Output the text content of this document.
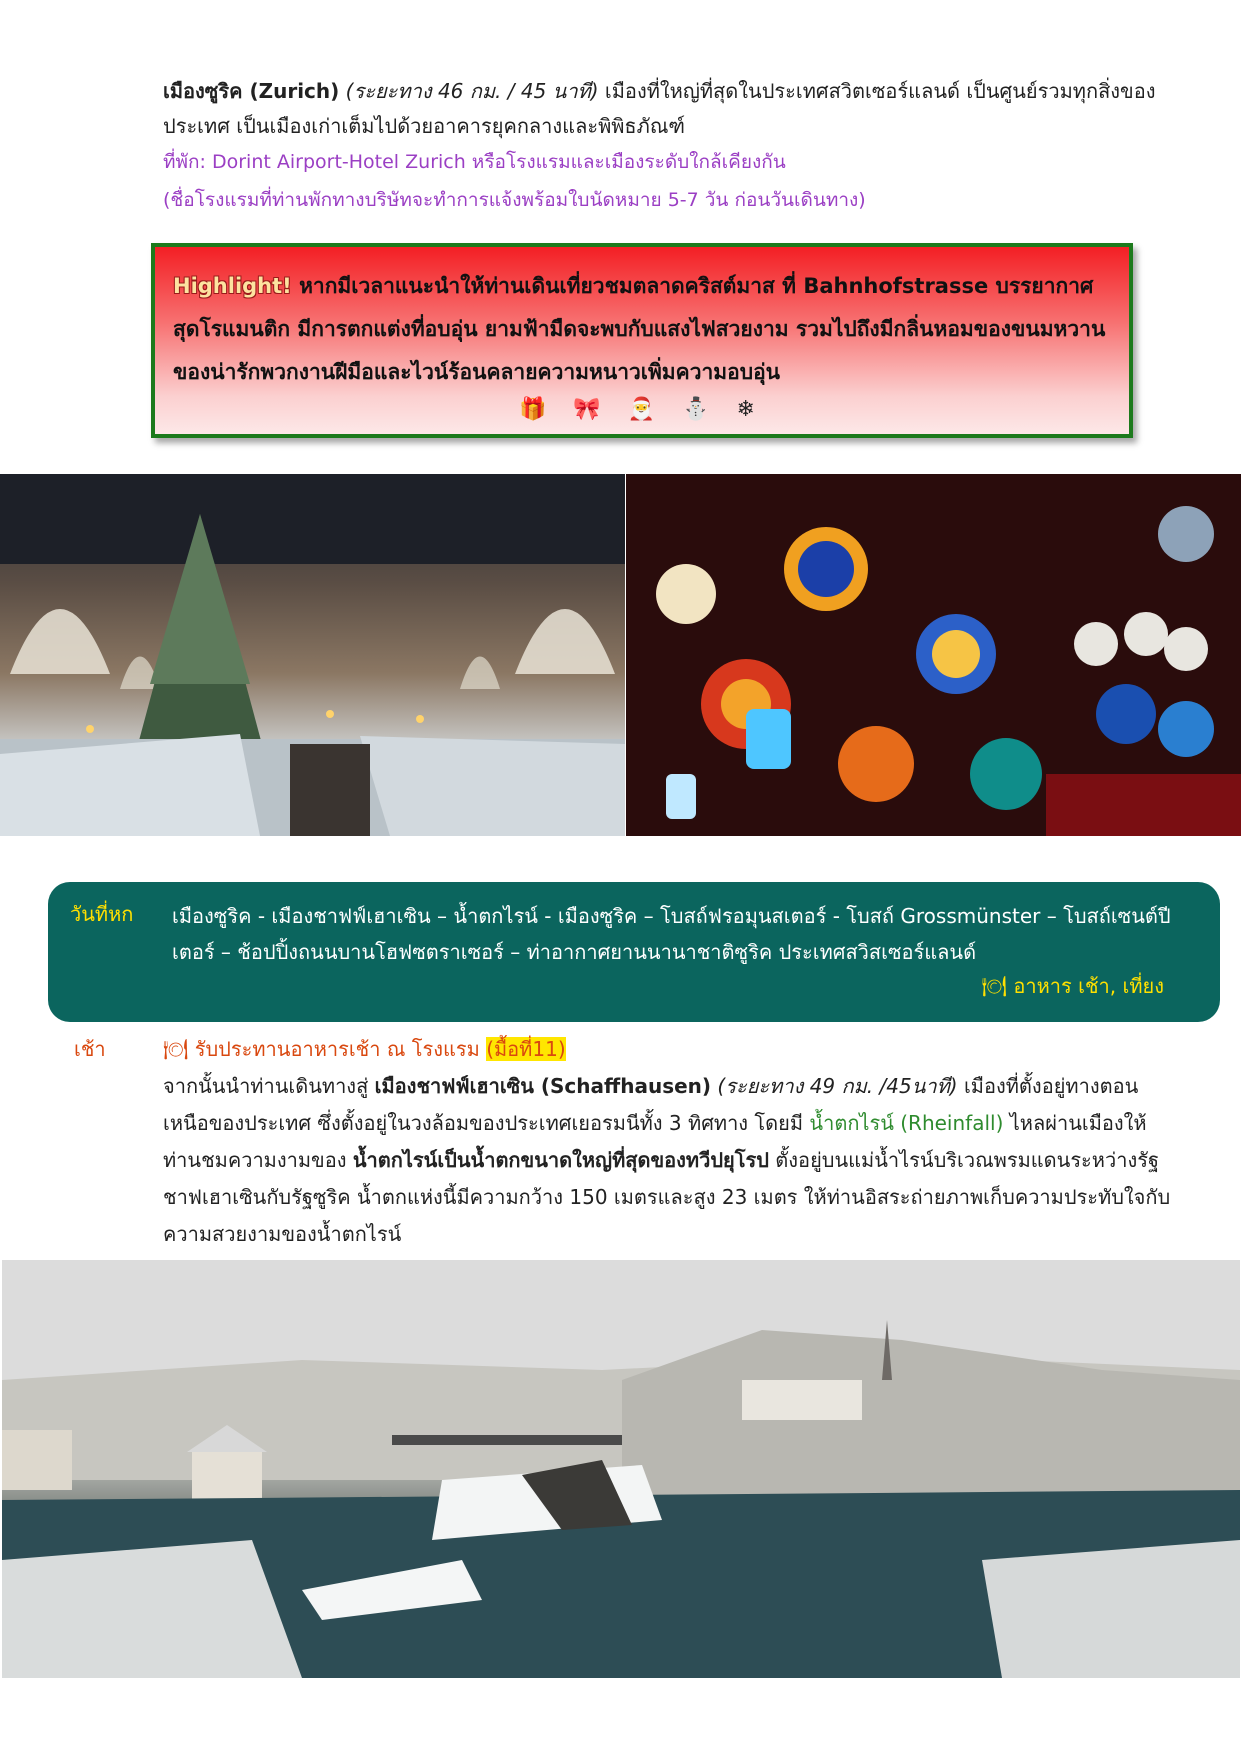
เมืองซูริค (Zurich) (ระยะทาง 46 กม. / 45 นาที) เมืองที่ใหญ่ที่สุดในประเทศสวิตเซอร์แลนด์ เป็นศูนย์รวมทุกสิ่งของประเทศ เป็นเมืองเก่าเต็มไปด้วยอาคารยุคกลางและพิพิธภัณฑ์
ที่พัก: Dorint Airport-Hotel Zurich หรือโรงแรมและเมืองระดับใกล้เคียงกัน
(ชื่อโรงแรมที่ท่านพักทางบริษัทจะทำการแจ้งพร้อมใบนัดหมาย 5-7 วัน ก่อนวันเดินทาง)
Highlight! หากมีเวลาแนะนำให้ท่านเดินเที่ยวชมตลาดคริสต์มาส ที่ Bahnhofstrasse บรรยากาศสุดโรแมนติก มีการตกแต่งที่อบอุ่น ยามฟ้ามืดจะพบกับแสงไฟสวยงาม รวมไปถึงมีกลิ่นหอมของขนมหวาน ของน่ารักพวกงานฝีมือและไวน์ร้อนคลายความหนาวเพิ่มความอบอุ่น
🎁 🎀 🎅 ⛄ ❄
วันที่หก เมืองซูริค - เมืองชาฟฟ์เฮาเซิน – น้ำตกไรน์ - เมืองซูริค – โบสถ์ฟรอมุนสเตอร์ - โบสถ์ Grossmünster – โบสถ์เซนต์ปีเตอร์ – ช้อปปิ้งถนนบานโฮฟซตราเซอร์ – ท่าอากาศยานนานาชาติซูริค ประเทศสวิสเซอร์แลนด์
🍽 อาหาร เช้า, เที่ยง
เช้า	🍽 รับประทานอาหารเช้า ณ โรงแรม (มื้อที่11)
จากนั้นนำท่านเดินทางสู่ เมืองชาฟฟ์เฮาเซิน (Schaffhausen) (ระยะทาง 49 กม. /45นาที) เมืองที่ตั้งอยู่ทางตอนเหนือของประเทศ ซึ่งตั้งอยู่ในวงล้อมของประเทศเยอรมนีทั้ง 3 ทิศทาง โดยมี น้ำตกไรน์ (Rheinfall) ไหลผ่านเมืองให้ท่านชมความงามของ น้ำตกไรน์เป็นน้ำตกขนาดใหญ่ที่สุดของทวีปยุโรป ตั้งอยู่บนแม่น้ำไรน์บริเวณพรมแดนระหว่างรัฐชาฟเฮาเซินกับรัฐซูริค น้ำตกแห่งนี้มีความกว้าง 150 เมตรและสูง 23 เมตร ให้ท่านอิสระถ่ายภาพเก็บความประทับใจกับความสวยงามของน้ำตกไรน์
